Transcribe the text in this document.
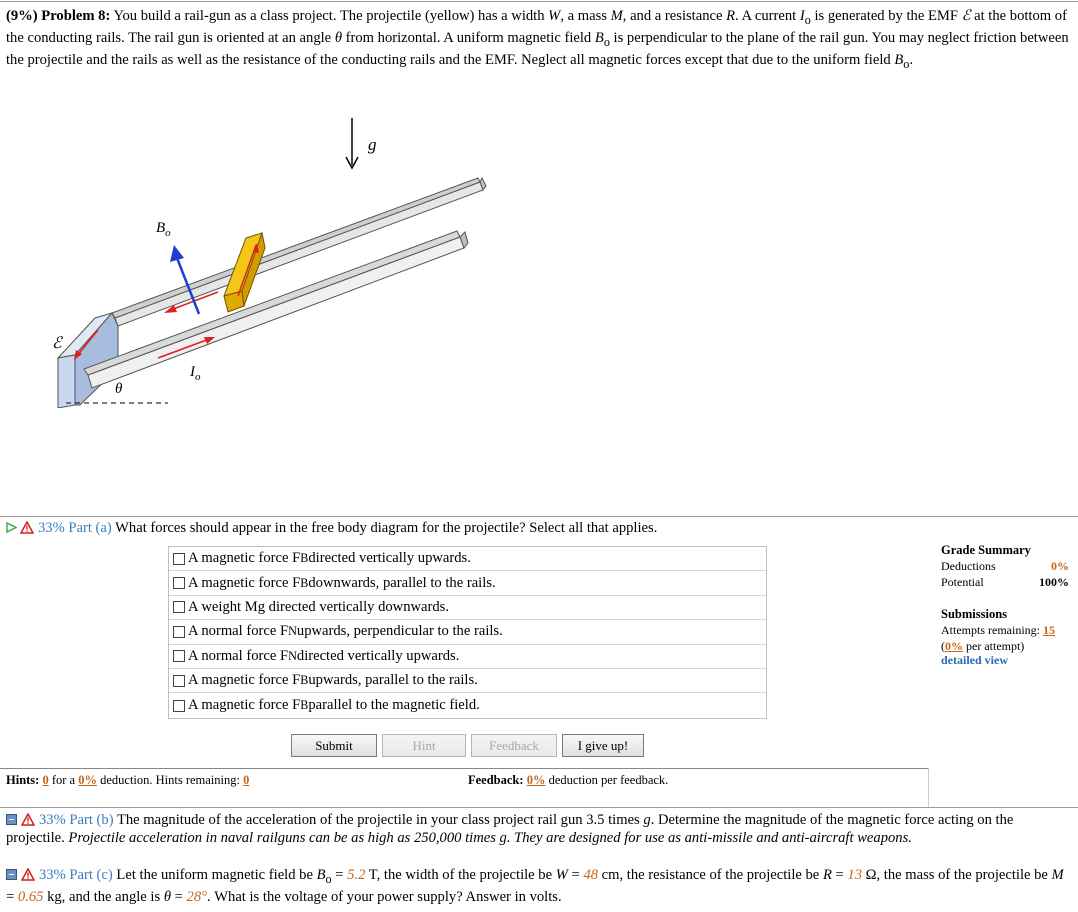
(9%) Problem 8: You build a rail-gun as a class project. The projectile (yellow) has a width W, a mass M, and a resistance R. A current $I_o$ is generated by the EMF ℰ at the bottom of the conducting rails. The rail gun is oriented at an angle θ from horizontal. A uniform magnetic field $B_o$ is perpendicular to the plane of the rail gun. You may neglect friction between the projectile and the rails as well as the resistance of the conducting rails and the EMF. Neglect all magnetic forces except that due to the uniform field $B_o$.
g
$B_o$
ℰ
$I_o$
θ
33% Part (a) What forces should appear in the free body diagram for the projectile? Select all that applies.
A magnetic force F B directed vertically upwards.
A magnetic force F B downwards, parallel to the rails.
A weight Mg directed vertically downwards.
A normal force F N upwards, perpendicular to the rails.
A normal force F N directed vertically upwards.
A magnetic force F B upwards, parallel to the rails.
A magnetic force F B parallel to the magnetic field.
Grade Summary
Deductions	0%
Potential	100%
Submissions
Attempts remaining: 15
(0% per attempt)
detailed view
Submit	Hint	Feedback	I give up!
Hints: 0 for a 0% deduction. Hints remaining: 0	Feedback: 0% deduction per feedback.
33% Part (b) The magnitude of the acceleration of the projectile in your class project rail gun 3.5 times g. Determine the magnitude of the magnetic force acting on the projectile. Projectile acceleration in naval railguns can be as high as 250,000 times g. They are designed for use as anti-missile and anti-aircraft weapons.
33% Part (c) Let the uniform magnetic field be $B_o = 5.2$ T, the width of the projectile be W = 48 cm, the resistance of the projectile be R = 13 Ω, the mass of the projectile be M = 0.65 kg, and the angle is θ = 28°. What is the voltage of your power supply? Answer in volts.
